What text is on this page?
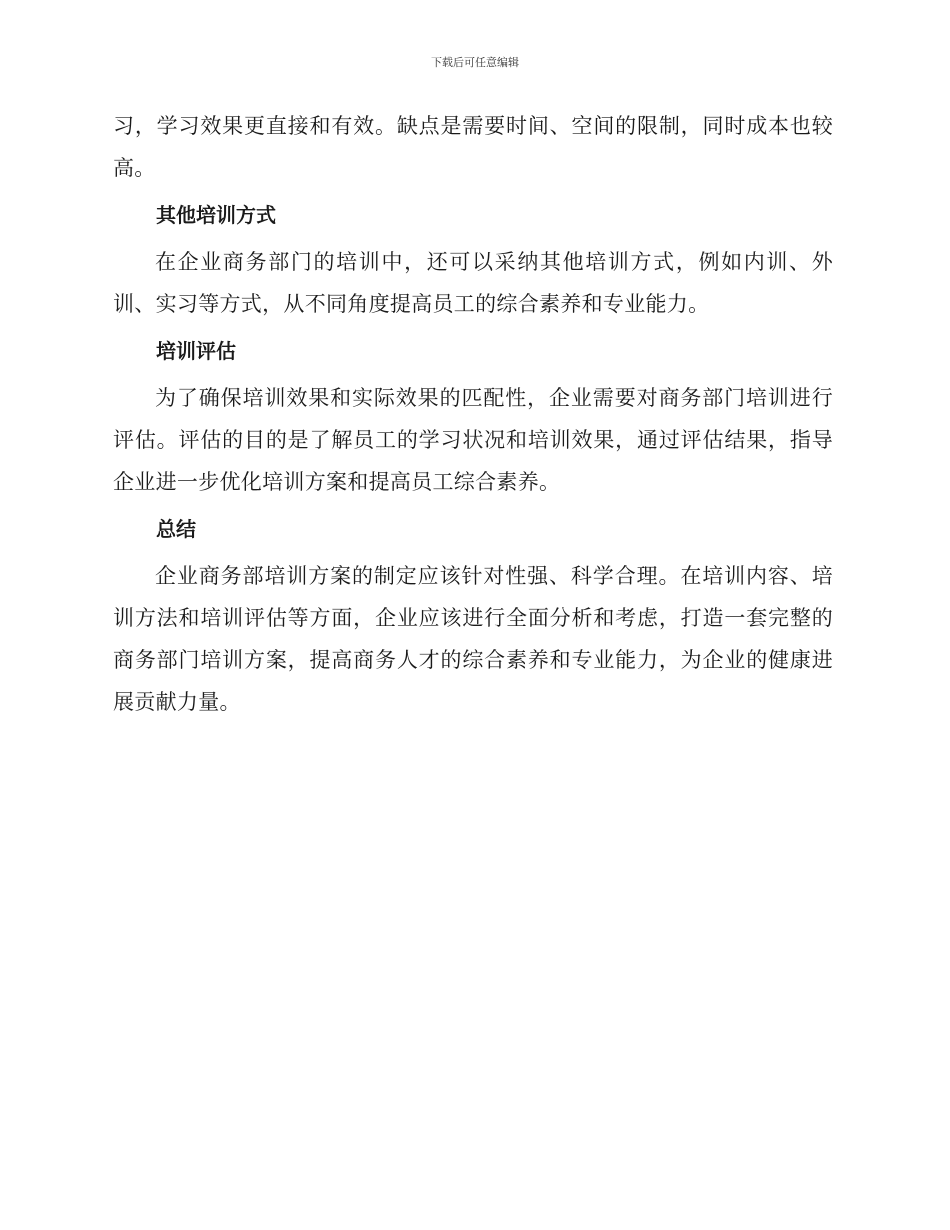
下载后可任意编辑

习，学习效果更直接和有效。缺点是需要时间、空间的限制，同时成本也较高。

其他培训方式

在企业商务部门的培训中，还可以采纳其他培训方式，例如内训、外训、实习等方式，从不同角度提高员工的综合素养和专业能力。

培训评估

为了确保培训效果和实际效果的匹配性，企业需要对商务部门培训进行评估。评估的目的是了解员工的学习状况和培训效果，通过评估结果，指导企业进一步优化培训方案和提高员工综合素养。

总结

企业商务部培训方案的制定应该针对性强、科学合理。在培训内容、培训方法和培训评估等方面，企业应该进行全面分析和考虑，打造一套完整的商务部门培训方案，提高商务人才的综合素养和专业能力，为企业的健康进展贡献力量。
